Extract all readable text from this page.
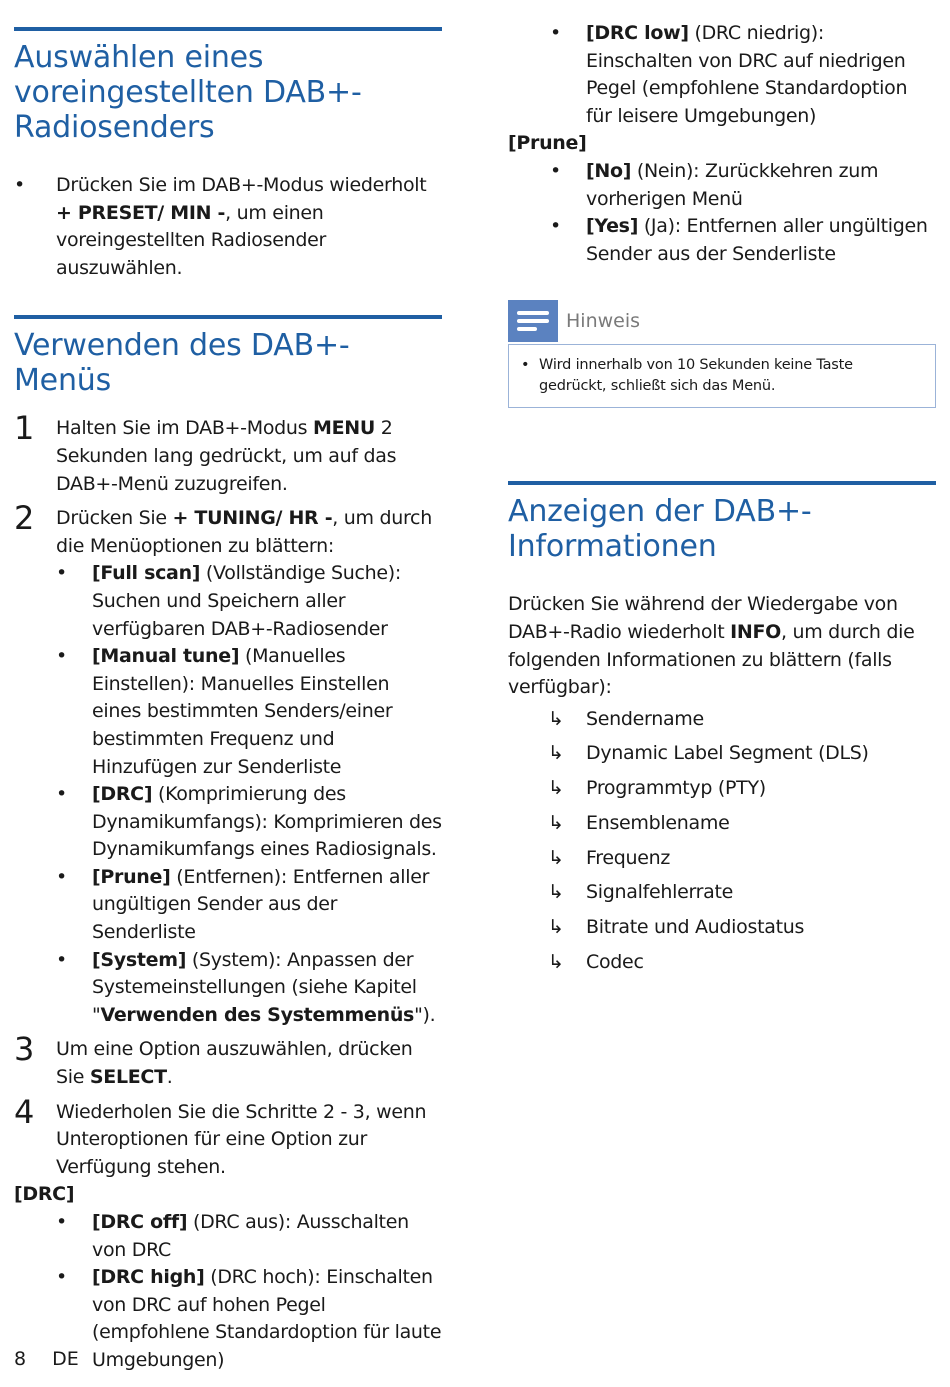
Auswählen eines voreingestellten DAB+-Radiosenders
• Drücken Sie im DAB+-Modus wiederholt + PRESET/ MIN -, um einen voreingestellten Radiosender auszuwählen.
Verwenden des DAB+-Menüs
1 Halten Sie im DAB+-Modus MENU 2 Sekunden lang gedrückt, um auf das DAB+-Menü zuzugreifen.
2 Drücken Sie + TUNING/ HR -, um durch die Menüoptionen zu blättern:
• [Full scan] (Vollständige Suche): Suchen und Speichern aller verfügbaren DAB+-Radiosender
• [Manual tune] (Manuelles Einstellen): Manuelles Einstellen eines bestimmten Senders/einer bestimmten Frequenz und Hinzufügen zur Senderliste
• [DRC] (Komprimierung des Dynamikumfangs): Komprimieren des Dynamikumfangs eines Radiosignals.
• [Prune] (Entfernen): Entfernen aller ungültigen Sender aus der Senderliste
• [System] (System): Anpassen der Systemeinstellungen (siehe Kapitel "Verwenden des Systemmenüs").
3 Um eine Option auszuwählen, drücken Sie SELECT.
4 Wiederholen Sie die Schritte 2 - 3, wenn Unteroptionen für eine Option zur Verfügung stehen.
[DRC]
• [DRC off] (DRC aus): Ausschalten von DRC
• [DRC high] (DRC hoch): Einschalten von DRC auf hohen Pegel (empfohlene Standardoption für laute Umgebungen)
• [DRC low] (DRC niedrig): Einschalten von DRC auf niedrigen Pegel (empfohlene Standardoption für leisere Umgebungen)
[Prune]
• [No] (Nein): Zurückkehren zum vorherigen Menü
• [Yes] (Ja): Entfernen aller ungültigen Sender aus der Senderliste
Hinweis
• Wird innerhalb von 10 Sekunden keine Taste gedrückt, schließt sich das Menü.
Anzeigen der DAB+-Informationen
Drücken Sie während der Wiedergabe von DAB+-Radio wiederholt INFO, um durch die folgenden Informationen zu blättern (falls verfügbar):
↳ Sendername
↳ Dynamic Label Segment (DLS)
↳ Programmtyp (PTY)
↳ Ensemblename
↳ Frequenz
↳ Signalfehlerrate
↳ Bitrate und Audiostatus
↳ Codec
8 DE
